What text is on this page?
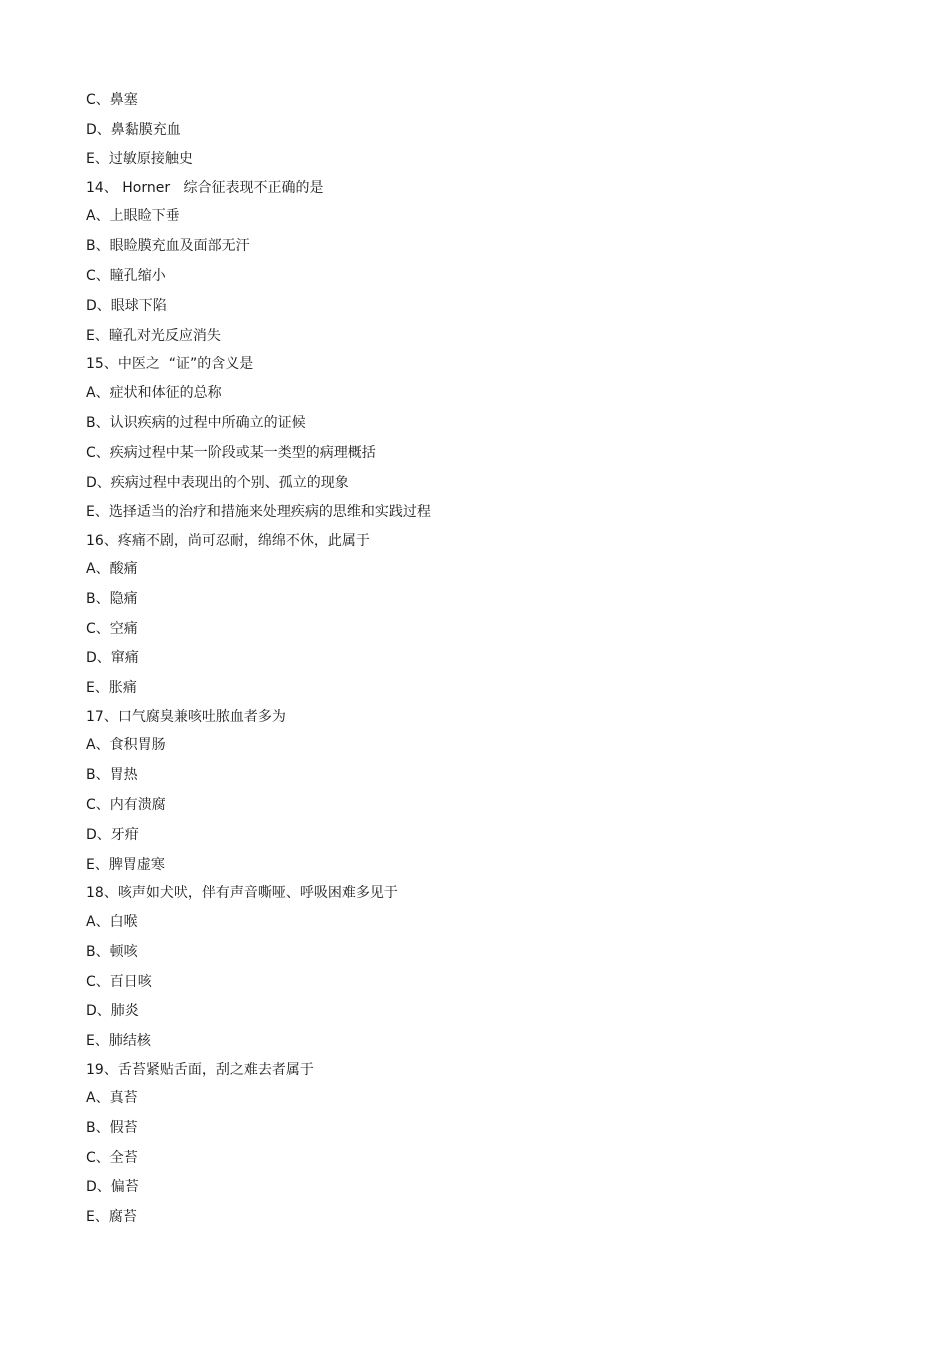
C、鼻塞
D、鼻黏膜充血
E、过敏原接触史
14、 Horner   综合征表现不正确的是
A、上眼睑下垂
B、眼睑膜充血及面部无汗
C、瞳孔缩小
D、眼球下陷
E、瞳孔对光反应消失
15、中医之  “证”的含义是
A、症状和体征的总称
B、认识疾病的过程中所确立的证候
C、疾病过程中某一阶段或某一类型的病理概括
D、疾病过程中表现出的个别、孤立的现象
E、选择适当的治疗和措施来处理疾病的思维和实践过程
16、疼痛不剧，尚可忍耐，绵绵不休，此属于
A、酸痛
B、隐痛
C、空痛
D、窜痛
E、胀痛
17、口气腐臭兼咳吐脓血者多为
A、食积胃肠
B、胃热
C、内有溃腐
D、牙疳
E、脾胃虚寒
18、咳声如犬吠，伴有声音嘶哑、呼吸困难多见于
A、白喉
B、顿咳
C、百日咳
D、肺炎
E、肺结核
19、舌苔紧贴舌面，刮之难去者属于
A、真苔
B、假苔
C、全苔
D、偏苔
E、腐苔
